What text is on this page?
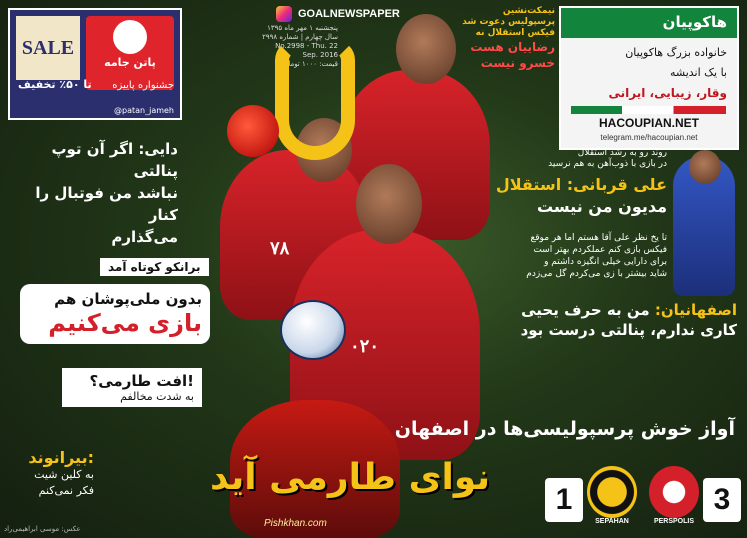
۷۸
۰۲۰
SALE
پاتن جامه
جشنواره پاییزه
تا ۵۰٪ تخفیف
@patan_jameh
GOALNEWSPAPER
پنجشنبه ۱ مهر ماه ۱۳۹۵
سال چهارم | شماره ۲۹۹۸
No.2998 - Thu. 22 Sep. 2016
قیمت: ۱۰۰۰ تومان
نیمکت‌نشین
پرسپولیس دعوت شد
فیکس استقلال نه
رضاییان هست
خسرو نیست
هاکوپیان
خانواده بزرگ هاکوپیان
با یک اندیشه
وقار، زیبایی، ایرانی
HACOUPIAN.NET
telegram.me/hacoupian.net
دایی: اگر آن توپ پنالتی
نباشد من فوتبال را کنار
می‌گذارم
برانکو کوتاه آمد
بدون ملی‌پوشان هم
بازی می‌کنیم
افت طارمی؟!
به شدت مخالفم
بیرانوند:
به کلین شیت
فکر نمی‌کنم
عکس: موسی ابراهیمی‌راد
روند رو به رشد استقلال
در بازی با ذوب‌آهن به هم نرسید
علی قربانی: استقلال
مدیون من نیست
تا یخ نظر علی آقا هستم اما هر موقع
فیکس بازی کنم عملکردم بهتر است
برای دارایی خیلی انگیزه داشتم و
شاید بیشتر با زی می‌کردم گل می‌زدم
اصفهانیان: من به حرف یحیی
کاری ندارم، پنالتی درست بود
آواز خوش پرسپولیسی‌ها در اصفهان
نوای طارمی آید
1
SEPAHAN	PERSPOLIS
3
Pishkhan.com
